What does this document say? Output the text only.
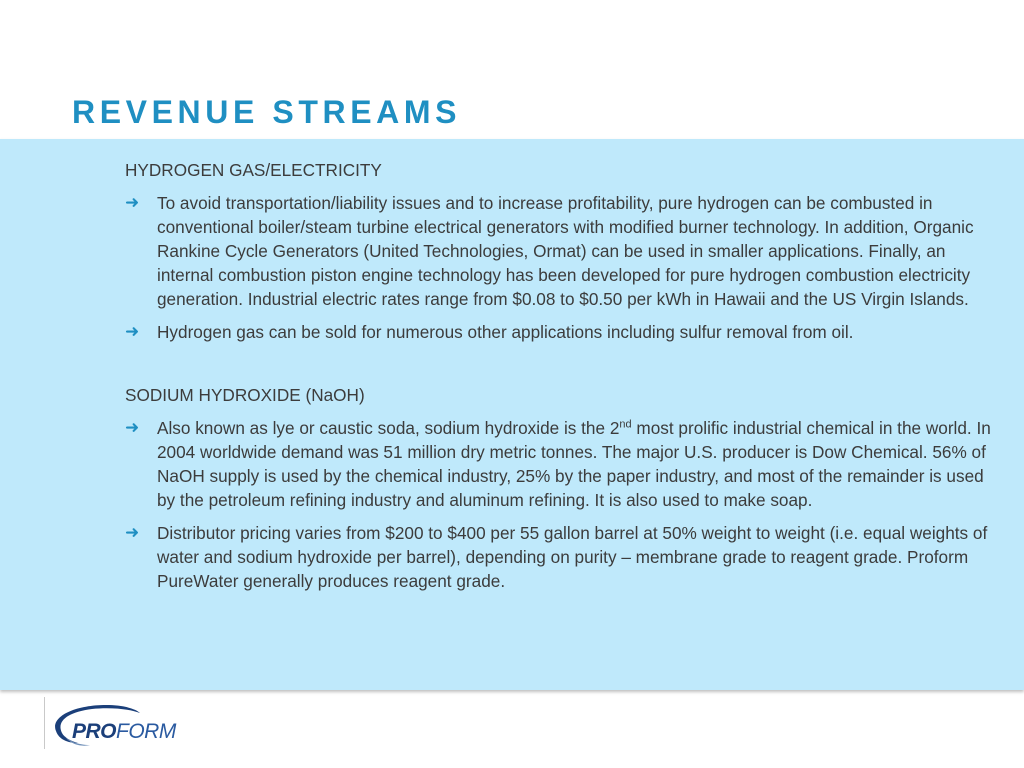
REVENUE STREAMS
HYDROGEN GAS/ELECTRICITY
➜	To avoid transportation/liability issues and to increase profitability, pure hydrogen can be combusted in conventional boiler/steam turbine electrical generators with modified burner technology. In addition, Organic Rankine Cycle Generators (United Technologies, Ormat) can be used in smaller applications. Finally, an internal combustion piston engine technology has been developed for pure hydrogen combustion electricity generation. Industrial electric rates range from $0.08 to $0.50 per kWh in Hawaii and the US Virgin Islands.
➜	Hydrogen gas can be sold for numerous other applications including sulfur removal from oil.
SODIUM HYDROXIDE (NaOH)
➜	Also known as lye or caustic soda, sodium hydroxide is the 2nd most prolific industrial chemical in the world. In 2004 worldwide demand was 51 million dry metric tonnes. The major U.S. producer is Dow Chemical. 56% of NaOH supply is used by the chemical industry, 25% by the paper industry, and most of the remainder is used by the petroleum refining industry and aluminum refining. It is also used to make soap.
➜	Distributor pricing varies from $200 to $400 per 55 gallon barrel at 50% weight to weight (i.e. equal weights of water and sodium hydroxide per barrel), depending on purity – membrane grade to reagent grade. Proform PureWater generally produces reagent grade.
PROFORM
